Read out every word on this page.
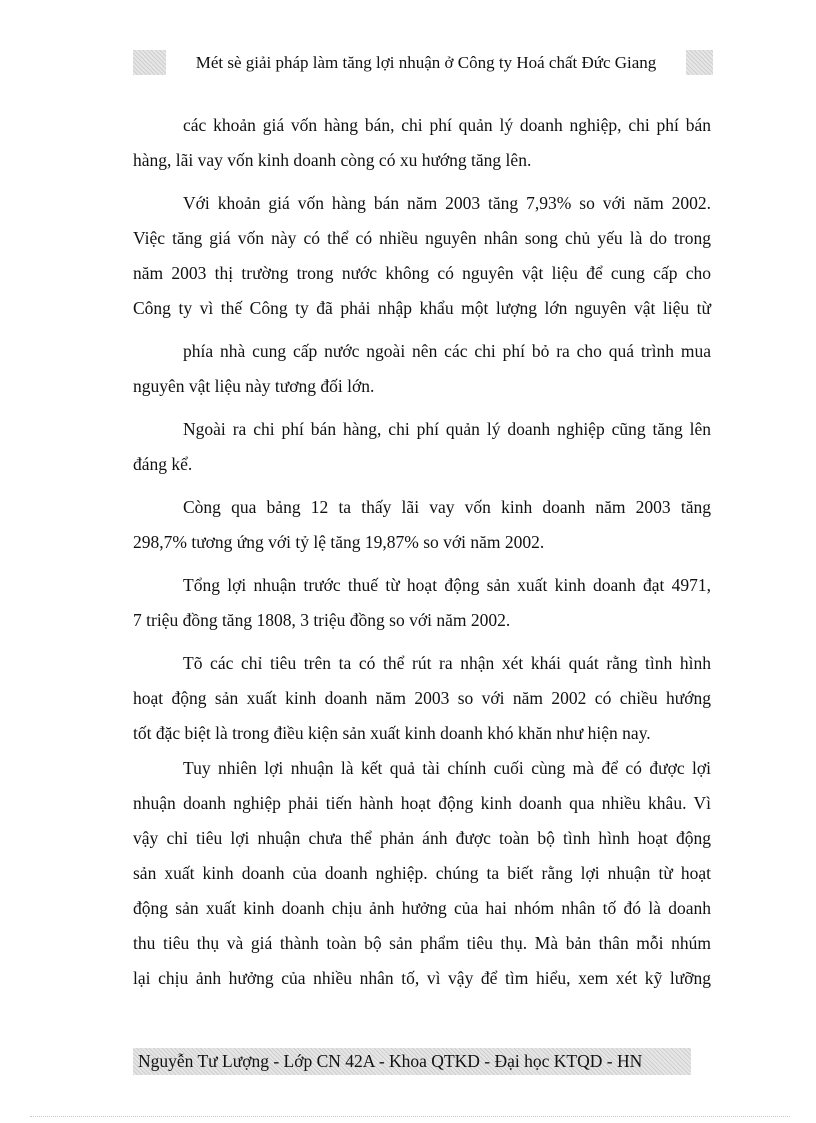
Mét sè giải pháp làm tăng lợi nhuận ở Công ty Hoá chất Đức Giang
các khoản giá vốn hàng bán, chi phí quản lý doanh nghiệp, chi phí bán
hàng, lãi vay vốn kinh doanh còng có xu hướng tăng lên.
Với khoản giá vốn hàng bán năm 2003 tăng 7,93% so với năm 2002.
Việc tăng giá vốn này có thể có nhiều nguyên nhân song chủ yếu là do trong
năm 2003 thị trường trong nước không có nguyên vật liệu để cung cấp cho
Công ty vì thế Công ty đã phải nhập khẩu một lượng lớn nguyên vật liệu từ
phía nhà cung cấp nước ngoài nên các chi phí bỏ ra cho quá trình mua
nguyên vật liệu này tương đối lớn.
Ngoài ra chi phí bán hàng, chi phí quản lý doanh nghiệp cũng tăng lên
đáng kể.
Còng qua bảng 12 ta thấy lãi vay vốn kinh doanh năm 2003 tăng
298,7% tương ứng với tỷ lệ tăng 19,87% so với năm 2002.
Tổng lợi nhuận trước thuế từ hoạt động sản xuất kinh doanh đạt 4971,
7 triệu đồng tăng 1808, 3 triệu đồng so với năm 2002.
Tõ các chỉ tiêu trên ta có thể rút ra nhận xét khái quát rằng tình hình
hoạt động sản xuất kinh doanh năm 2003 so với năm 2002 có chiều hướng
tốt đặc biệt là trong điều kiện sản xuất kinh doanh khó khăn như hiện nay.
Tuy nhiên lợi nhuận là kết quả tài chính cuối cùng mà để có được lợi
nhuận doanh nghiệp phải tiến hành hoạt động kinh doanh qua nhiều khâu. Vì
vậy chỉ tiêu lợi nhuận chưa thể phản ánh được toàn bộ tình hình hoạt động
sản xuất kinh doanh của doanh nghiệp. chúng ta biết rằng lợi nhuận từ hoạt
động sản xuất kinh doanh chịu ảnh hưởng của hai nhóm nhân tố đó là doanh
thu tiêu thụ và giá thành toàn bộ sản phẩm tiêu thụ. Mà bản thân mỗi nhúm
lại chịu ảnh hưởng của nhiều nhân tố, vì vậy để tìm hiểu, xem xét kỹ lưỡng
Nguyễn Tư Lượng - Lớp CN 42A - Khoa QTKD - Đại học KTQD - HN
